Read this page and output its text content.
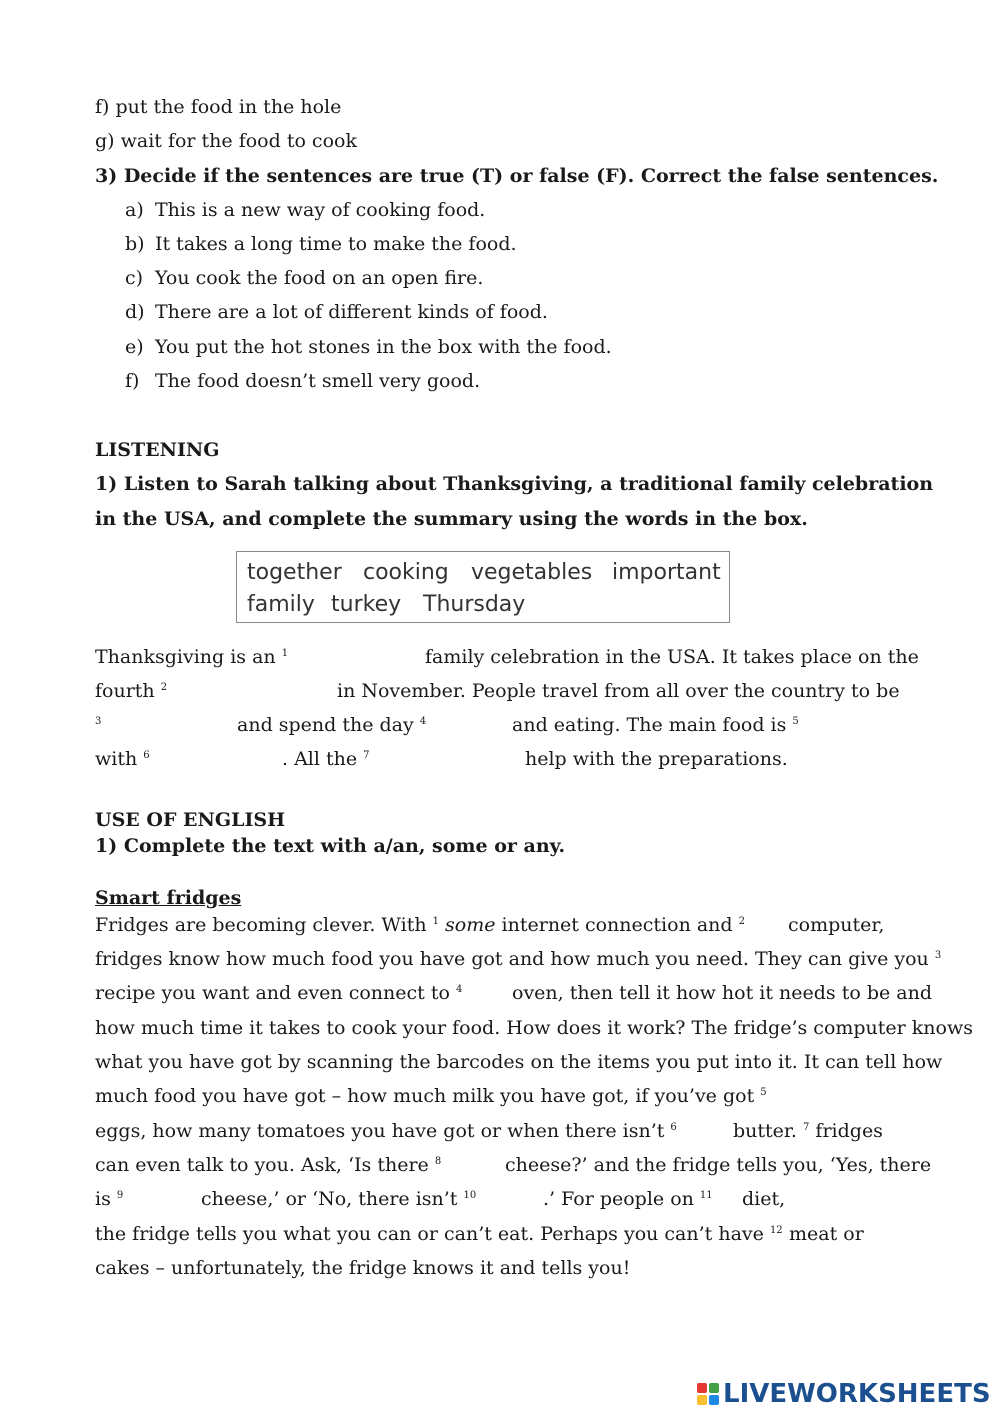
f) put the food in the hole
g) wait for the food to cook
3) Decide if the sentences are true (T) or false (F). Correct the false sentences.
a) This is a new way of cooking food.
b) It takes a long time to make the food.
c) You cook the food on an open fire.
d) There are a lot of different kinds of food.
e) You put the hot stones in the box with the food.
f) The food doesn’t smell very good.
LISTENING
1) Listen to Sarah talking about Thanksgiving, a traditional family celebration
in the USA, and complete the summary using the words in the box.
together cooking vegetables important
family turkey Thursday
Thanksgiving is an $^1$	family celebration in the USA. It takes place on the
fourth $^2$	in November. People travel from all over the country to be
$^3$	and spend the day $^4$	and eating. The main food is $^5$
with $^6$	. All the $^7$	help with the preparations.
USE OF ENGLISH
1) Complete the text with a/an, some or any.
Smart fridges
Fridges are becoming clever. With $^1$ some internet connection and $^2$ computer,
fridges know how much food you have got and how much you need. They can give you $^3$
recipe you want and even connect to $^4$	oven, then tell it how hot it needs to be and
how much time it takes to cook your food. How does it work? The fridge’s computer knows
what you have got by scanning the barcodes on the items you put into it. It can tell how
much food you have got – how much milk you have got, if you’ve got $^5$
eggs, how many tomatoes you have got or when there isn’t $^6$	butter. $^7$ fridges
can even talk to you. Ask, ‘Is there $^8$	cheese?’ and the fridge tells you, ‘Yes, there
is $^9$	cheese,’ or ‘No, there isn’t $^{10}$	.’ For people on $^{11}$ diet,
the fridge tells you what you can or can’t eat. Perhaps you can’t have $^{12}$ meat or
cakes – unfortunately, the fridge knows it and tells you!
LIVEWORKSHEETS
